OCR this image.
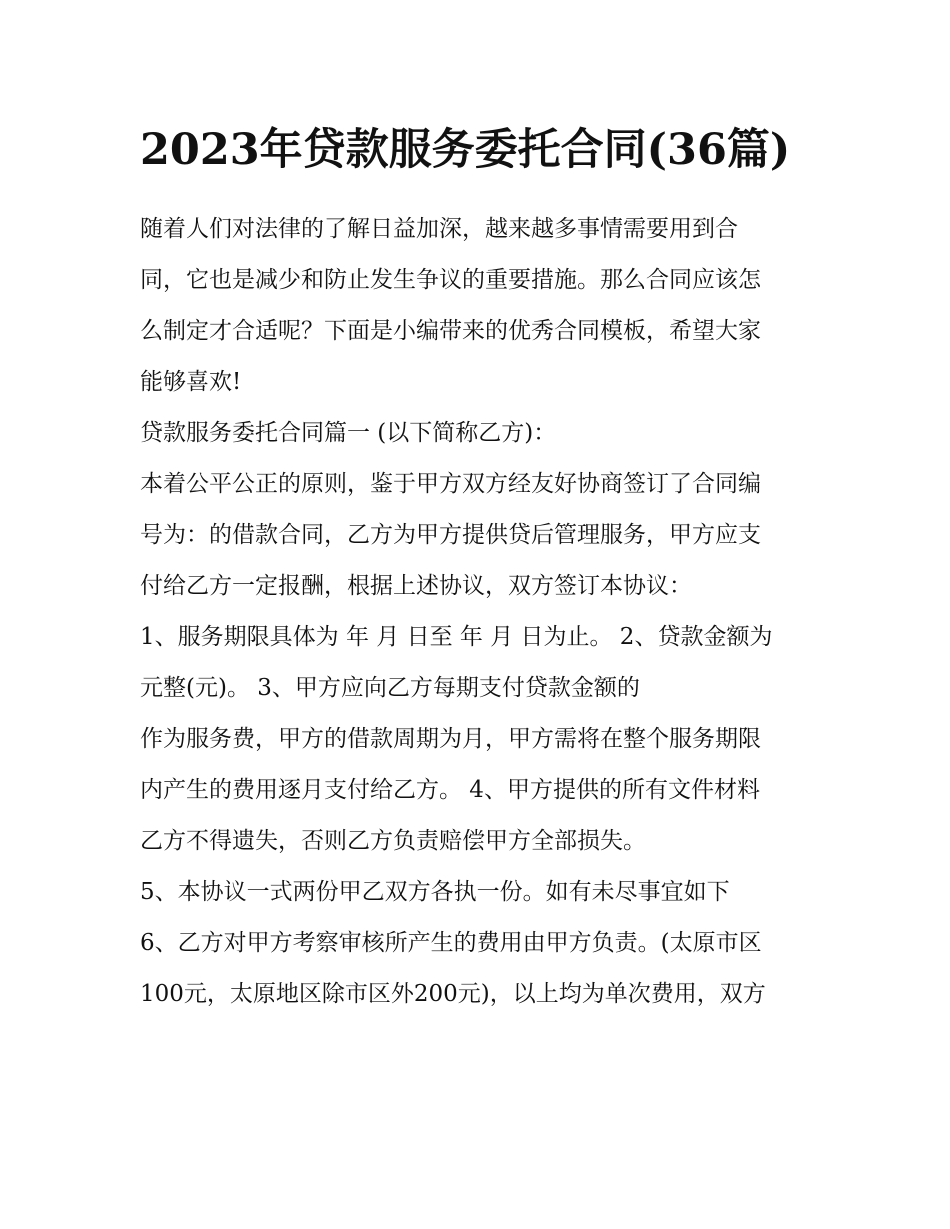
2023年贷款服务委托合同(36篇)

随着人们对法律的了解日益加深，越来越多事情需要用到合

同，它也是减少和防止发生争议的重要措施。那么合同应该怎

么制定才合适呢？下面是小编带来的优秀合同模板，希望大家

能够喜欢!

贷款服务委托合同篇一 (以下简称乙方)：

本着公平公正的原则，鉴于甲方双方经友好协商签订了合同编

号为：的借款合同，乙方为甲方提供贷后管理服务，甲方应支

付给乙方一定报酬，根据上述协议，双方签订本协议：

1、服务期限具体为 年 月 日至 年 月 日为止。 2、贷款金额为

元整(元)。 3、甲方应向乙方每期支付贷款金额的

作为服务费，甲方的借款周期为月，甲方需将在整个服务期限

内产生的费用逐月支付给乙方。 4、甲方提供的所有文件材料

乙方不得遗失，否则乙方负责赔偿甲方全部损失。

5、本协议一式两份甲乙双方各执一份。如有未尽事宜如下

6、乙方对甲方考察审核所产生的费用由甲方负责。(太原市区

100元，太原地区除市区外200元)，以上均为单次费用，双方
